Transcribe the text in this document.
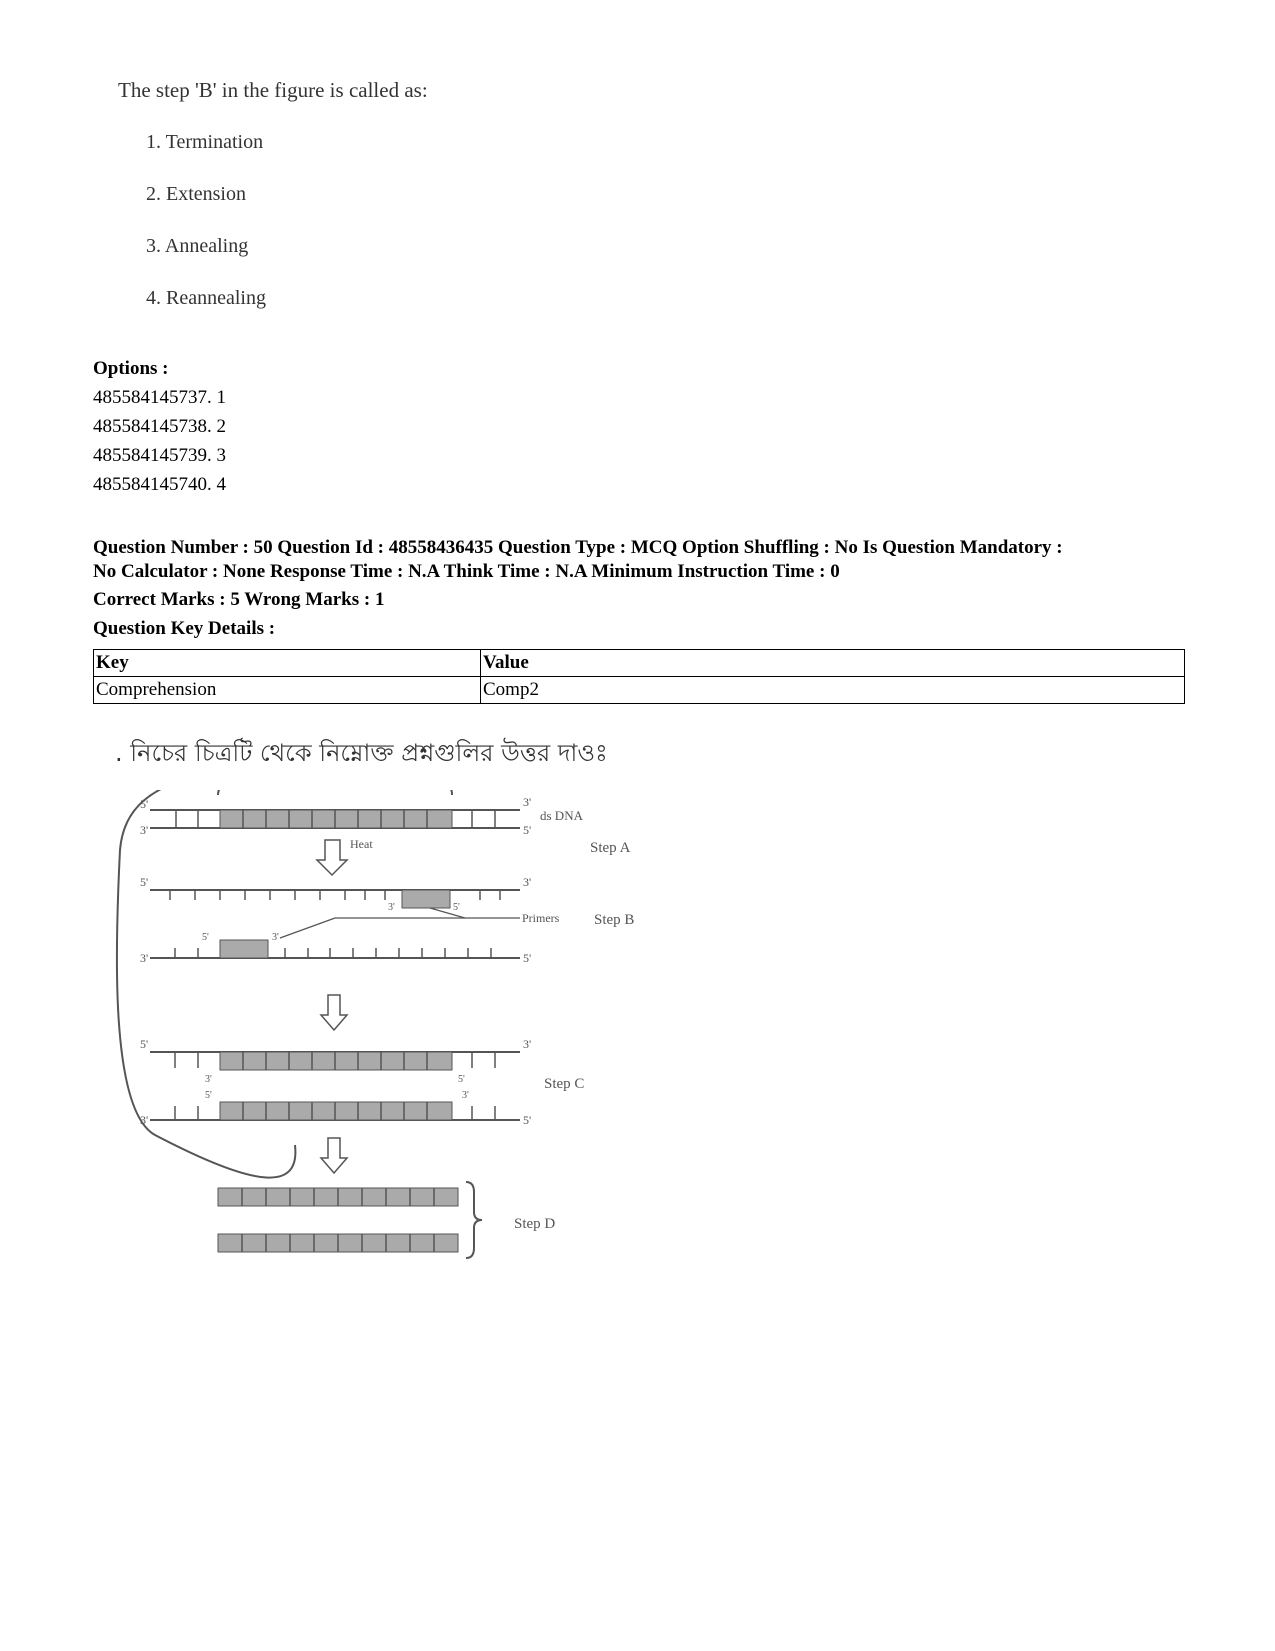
The step 'B' in the figure is called as:
1. Termination
2. Extension
3. Annealing
4. Reannealing
Options :
485584145737. 1
485584145738. 2
485584145739. 3
485584145740. 4
Question Number : 50 Question Id : 48558436435 Question Type : MCQ Option Shuffling : No Is Question Mandatory :
No Calculator : None Response Time : N.A Think Time : N.A Minimum Instruction Time : 0
Correct Marks : 5 Wrong Marks : 1
Question Key Details :
Key	Value
Comprehension	Comp2
. নিচের চিত্রটি থেকে নিম্নোক্ত প্রশ্নগুলির উত্তর দাওঃ
5'
3'
3'
5'
ds DNA
Heat	Step A
5'	3'
3'	5'
Primers Step B
3'	5'
5'	3'
5'	3'
3'	5'	Step C
5'	3'
3'	5'
Step D
